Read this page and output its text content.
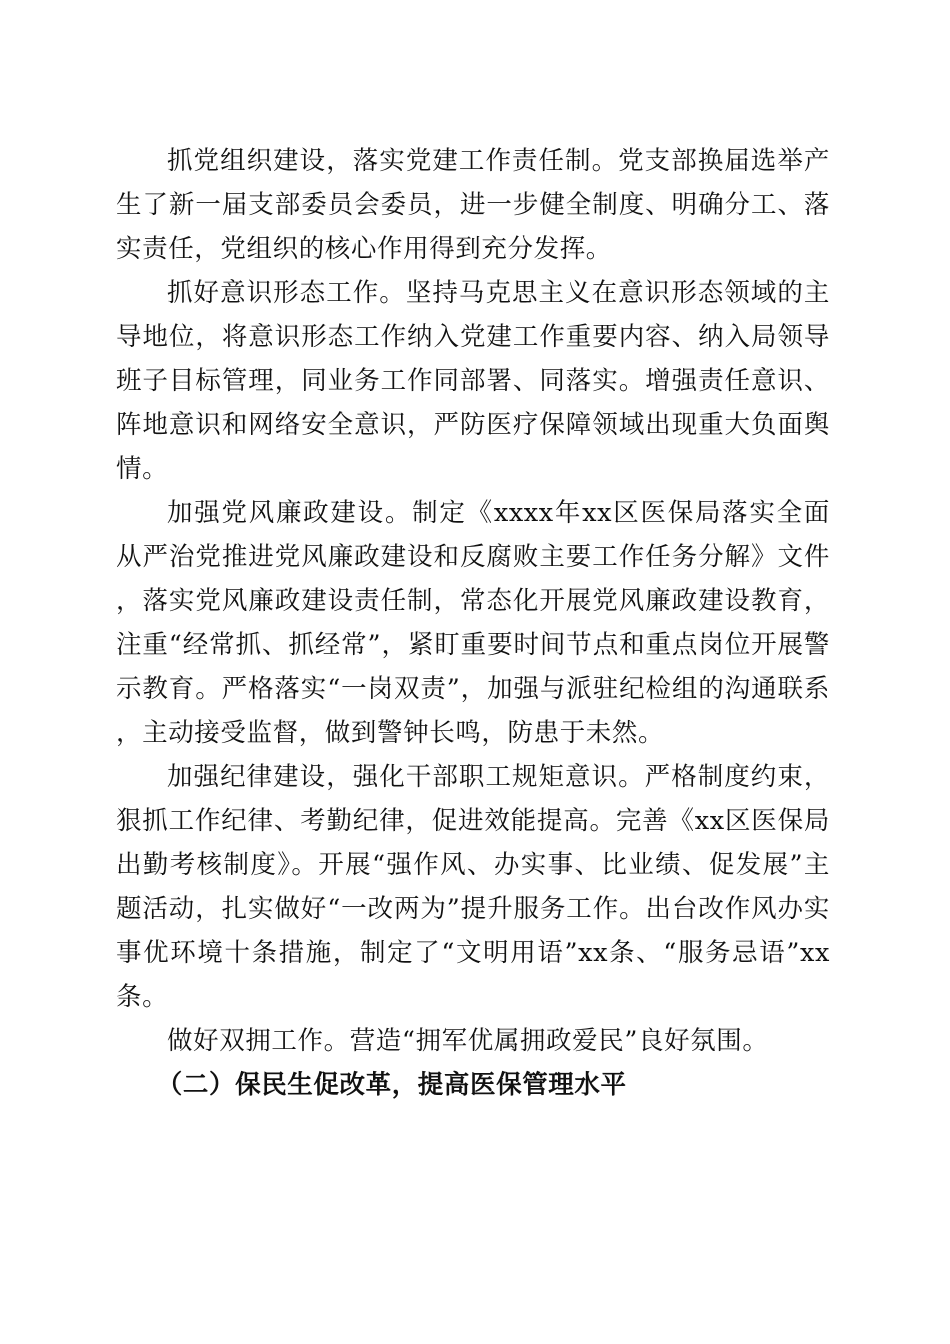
抓党组织建设，落实党建工作责任制。党支部换届选举产生了新一届支部委员会委员，进一步健全制度、明确分工、落实责任，党组织的核心作用得到充分发挥。

抓好意识形态工作。坚持马克思主义在意识形态领域的主导地位，将意识形态工作纳入党建工作重要内容、纳入局领导班子目标管理，同业务工作同部署、同落实。增强责任意识、阵地意识和网络安全意识，严防医疗保障领域出现重大负面舆情。

加强党风廉政建设。制定《xxxx年xx区医保局落实全面从严治党推进党风廉政建设和反腐败主要工作任务分解》文件，落实党风廉政建设责任制，常态化开展党风廉政建设教育，注重“经常抓、抓经常”，紧盯重要时间节点和重点岗位开展警示教育。严格落实“一岗双责”，加强与派驻纪检组的沟通联系，主动接受监督，做到警钟长鸣，防患于未然。

加强纪律建设，强化干部职工规矩意识。严格制度约束，狠抓工作纪律、考勤纪律，促进效能提高。完善《xx区医保局出勤考核制度》。开展“强作风、办实事、比业绩、促发展”主题活动，扎实做好“一改两为”提升服务工作。出台改作风办实事优环境十条措施，制定了“文明用语”xx条、“服务忌语”xx条。

做好双拥工作。营造“拥军优属拥政爱民”良好氛围。

（二）保民生促改革，提高医保管理水平
